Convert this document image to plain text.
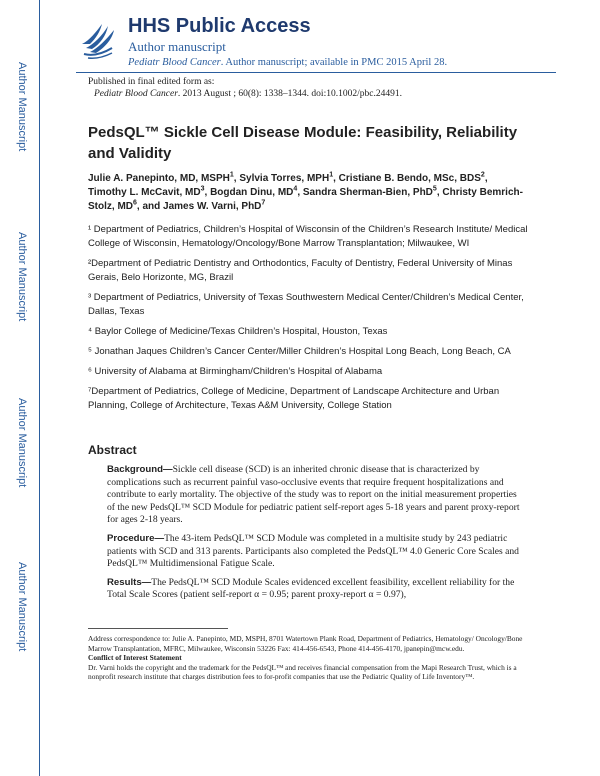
Author Manuscript
Author Manuscript
Author Manuscript
Author Manuscript
HHS Public Access
Author manuscript
Pediatr Blood Cancer. Author manuscript; available in PMC 2015 April 28.
Published in final edited form as:
Pediatr Blood Cancer. 2013 August ; 60(8): 1338–1344. doi:10.1002/pbc.24491.
PedsQL™ Sickle Cell Disease Module: Feasibility, Reliability and Validity
Julie A. Panepinto, MD, MSPH$^1$, Sylvia Torres, MPH$^1$, Cristiane B. Bendo, MSc, BDS$^2$, Timothy L. McCavit, $MD^3$, Bogdan Dinu, $MD^4$, Sandra Sherman-Bien, PhD$^5$, Christy Bemrich-Stolz, $MD^6$, and James W. Varni, PhD$^7$

¹ Department of Pediatrics, Children’s Hospital of Wisconsin of the Children’s Research Institute/ Medical College of Wisconsin, Hematology/Oncology/Bone Marrow Transplantation; Milwaukee, WI

²Department of Pediatric Dentistry and Orthodontics, Faculty of Dentistry, Federal University of Minas Gerais, Belo Horizonte, MG, Brazil

³ Department of Pediatrics, University of Texas Southwestern Medical Center/Children’s Medical Center, Dallas, Texas

⁴ Baylor College of Medicine/Texas Children’s Hospital, Houston, Texas

⁵ Jonathan Jaques Children’s Cancer Center/Miller Children’s Hospital Long Beach, Long Beach, CA

⁶ University of Alabama at Birmingham/Children’s Hospital of Alabama

⁷Department of Pediatrics, College of Medicine, Department of Landscape Architecture and Urban Planning, College of Architecture, Texas A&M University, College Station

Abstract

Background—Sickle cell disease (SCD) is an inherited chronic disease that is characterized by complications such as recurrent painful vaso-occlusive events that require frequent hospitalizations and contribute to early mortality. The objective of the study was to report on the initial measurement properties of the new PedsQL™ SCD Module for pediatric patient self-report ages 5-18 years and parent proxy-report for ages 2-18 years.

Procedure—The 43-item PedsQL™ SCD Module was completed in a multisite study by 243 pediatric patients with SCD and 313 parents. Participants also completed the PedsQL™ 4.0 Generic Core Scales and PedsQL™ Multidimensional Fatigue Scale.

Results—The PedsQL™ SCD Module Scales evidenced excellent feasibility, excellent reliability for the Total Scale Scores (patient self-report α = 0.95; parent proxy-report α = 0.97),

Address correspondence to: Julie A. Panepinto, MD, MSPH, 8701 Watertown Plank Road, Department of Pediatrics, Hematology/ Oncology/Bone Marrow Transplantation, MFRC, Milwaukee, Wisconsin 53226 Fax: 414-456-6543, Phone 414-456-4170, jpanepin@mcw.edu.

Conflict of Interest Statement

Dr. Varni holds the copyright and the trademark for the PedsQL™ and receives financial compensation from the Mapi Research Trust, which is a nonprofit research institute that charges distribution fees to for-profit companies that use the Pediatric Quality of Life Inventory™.
